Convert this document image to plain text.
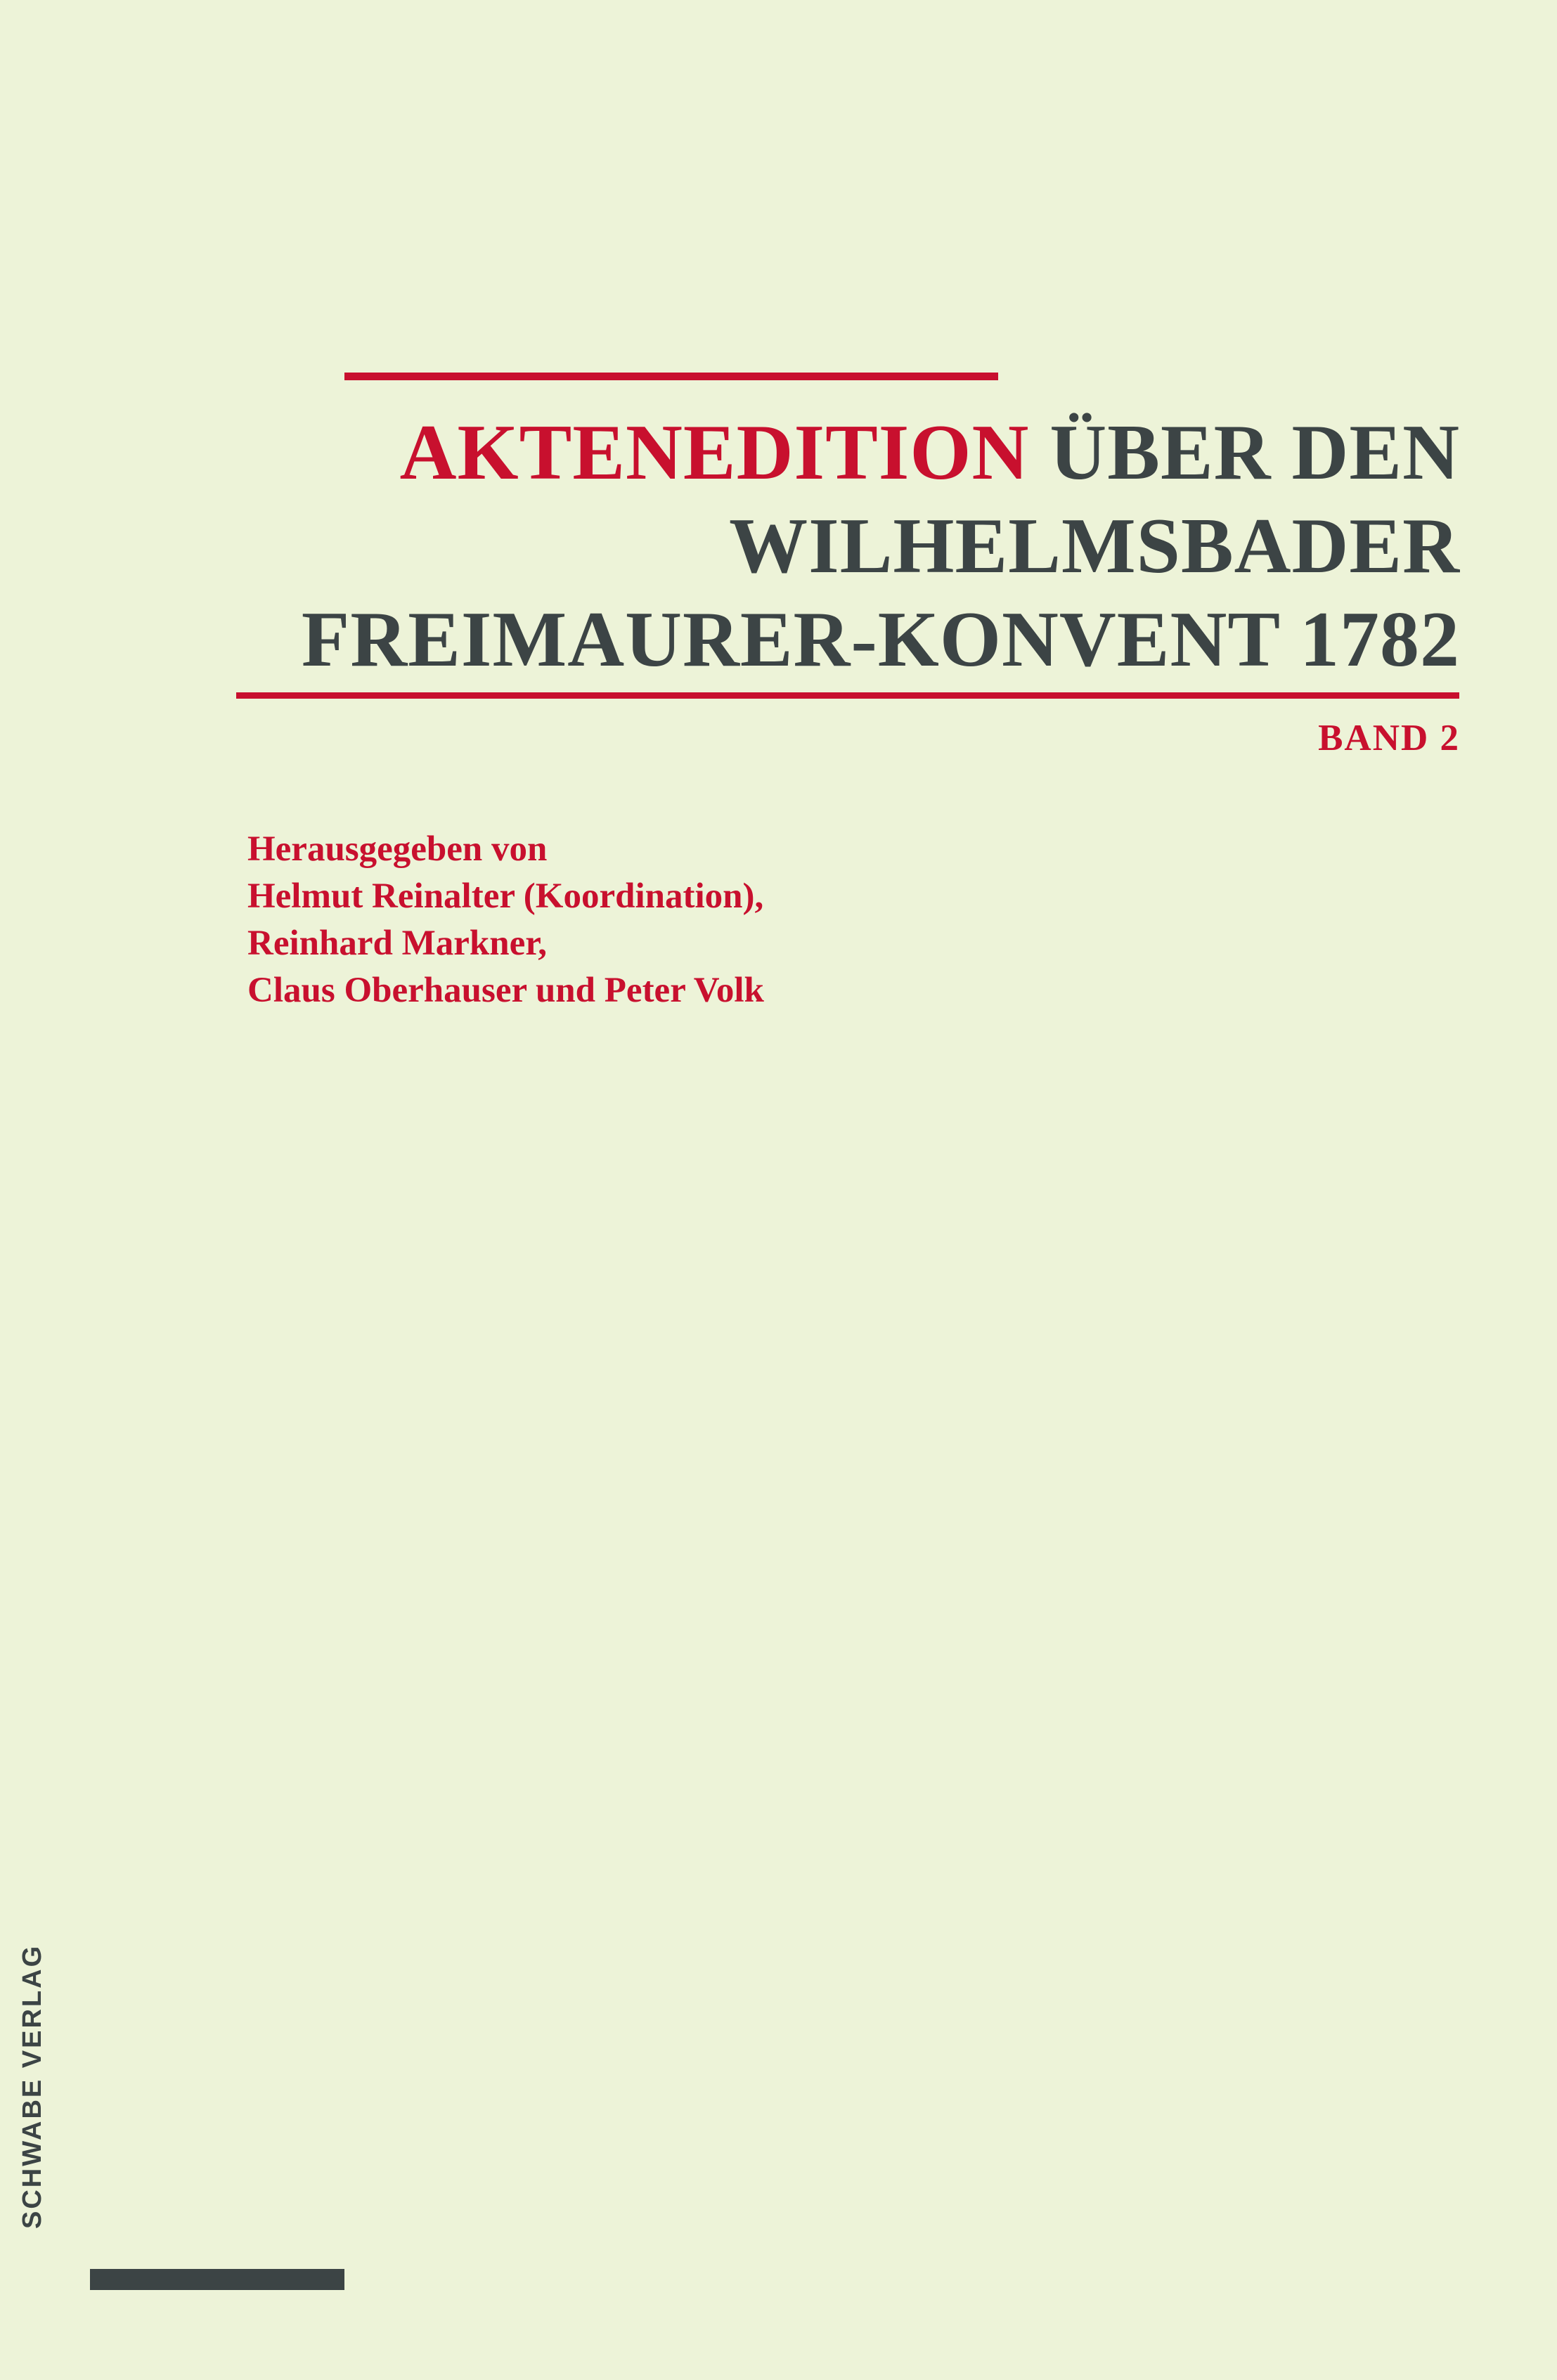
AKTENEDITION ÜBER DEN
WILHELMSBADER
FREIMAURER-KONVENT 1782
BAND 2
Herausgegeben von
Helmut Reinalter (Koordination),
Reinhard Markner,
Claus Oberhauser und Peter Volk
SCHWABE VERLAG
